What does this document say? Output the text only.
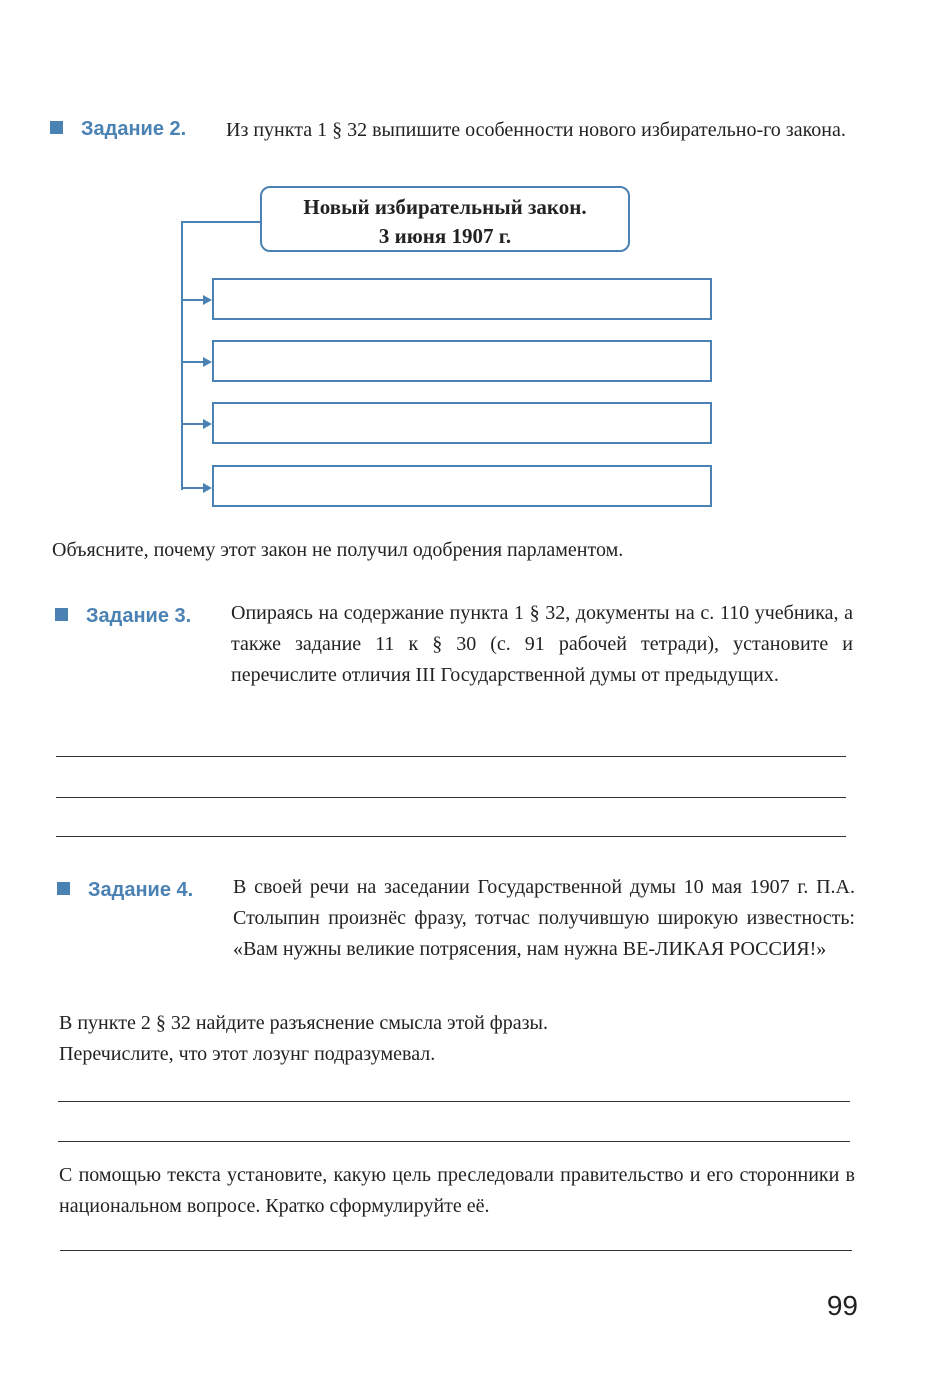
Задание 2. Из пункта 1 § 32 выпишите особенности нового избирательно-го закона.
Новый избирательный закон.
3 июня 1907 г.
Объясните, почему этот закон не получил одобрения парламентом.
Задание 3. Опираясь на содержание пункта 1 § 32, документы на с. 110 учебника, а также задание 11 к § 30 (с. 91 рабочей тетради), установите и перечислите отличия III Государственной думы от предыдущих.
Задание 4. В своей речи на заседании Государственной думы 10 мая 1907 г. П.А. Столыпин произнёс фразу, тотчас получившую широкую известность: «Вам нужны великие потрясения, нам нужна ВЕ-ЛИКАЯ РОССИЯ!»
В пункте 2 § 32 найдите разъяснение смысла этой фразы.
Перечислите, что этот лозунг подразумевал.
С помощью текста установите, какую цель преследовали правительство и его сторонники в национальном вопросе. Кратко сформулируйте её.
99
